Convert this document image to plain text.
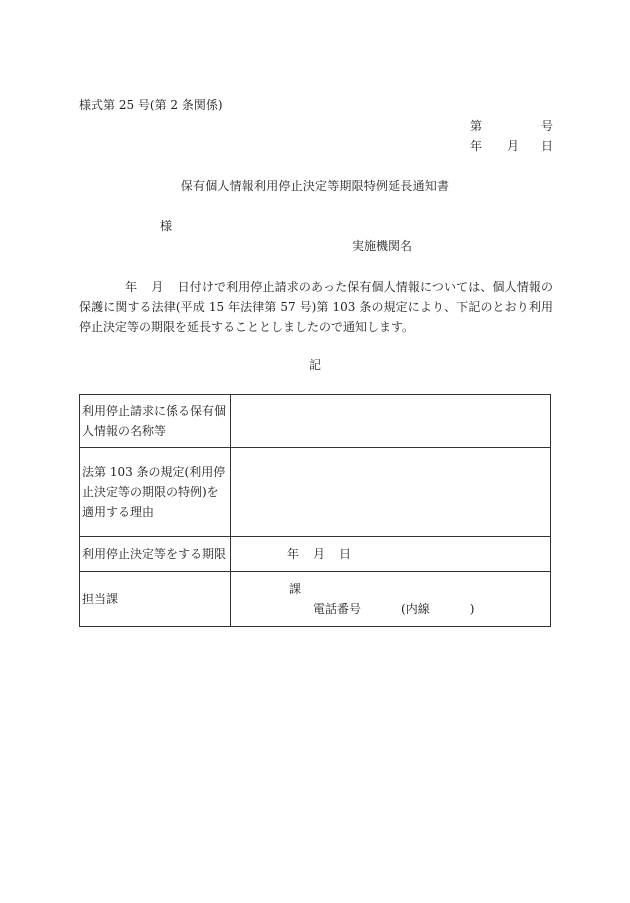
様式第 25 号(第 2 条関係)
第	号
年 月 日
保有個人情報利用停止決定等期限特例延長通知書
様
実施機関名
年 月 日付けで利用停止請求のあった保有個人情報については、個人情報の保護に関する法律(平成 15 年法律第 57 号)第 103 条の規定により、下記のとおり利用停止決定等の期限を延長することとしましたので通知します。
記
利用停止請求に係る保有個人情報の名称等	
法第 103 条の規定(利用停止決定等の期限の特例)を適用する理由	
利用停止決定等をする期限	年 月 日
担当課	課
電話番号 (内線 )
